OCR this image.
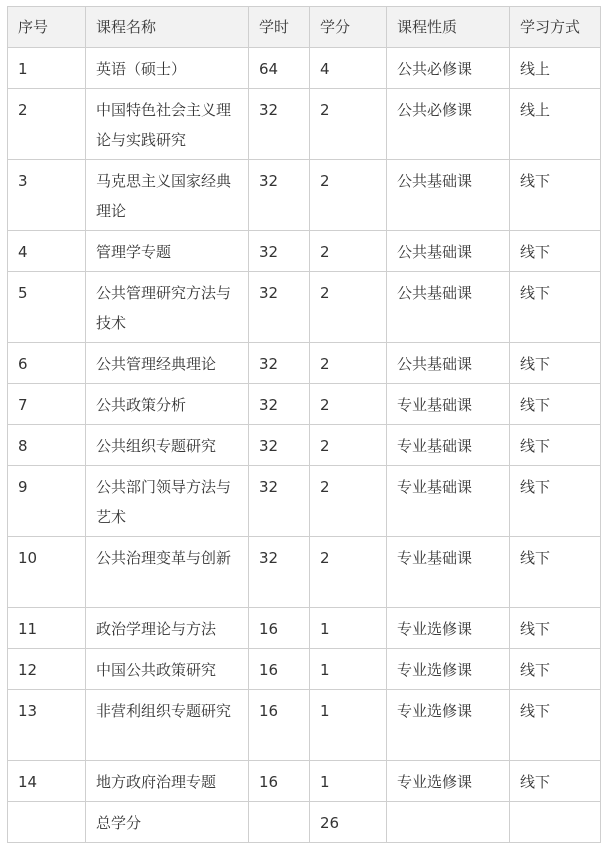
序号	课程名称	学时	学分	课程性质	学习方式
1	英语（硕士）	64	4	公共必修课	线上
2	中国特色社会主义理论与实践研究	32	2	公共必修课	线上
3	马克思主义国家经典理论	32	2	公共基础课	线下
4	管理学专题	32	2	公共基础课	线下
5	公共管理研究方法与技术	32	2	公共基础课	线下
6	公共管理经典理论	32	2	公共基础课	线下
7	公共政策分析	32	2	专业基础课	线下
8	公共组织专题研究	32	2	专业基础课	线下
9	公共部门领导方法与艺术	32	2	专业基础课	线下
10	公共治理变革与创新	32	2	专业基础课	线下
11	政治学理论与方法	16	1	专业选修课	线下
12	中国公共政策研究	16	1	专业选修课	线下
13	非营利组织专题研究	16	1	专业选修课	线下
14	地方政府治理专题	16	1	专业选修课	线下
	总学分		26		
